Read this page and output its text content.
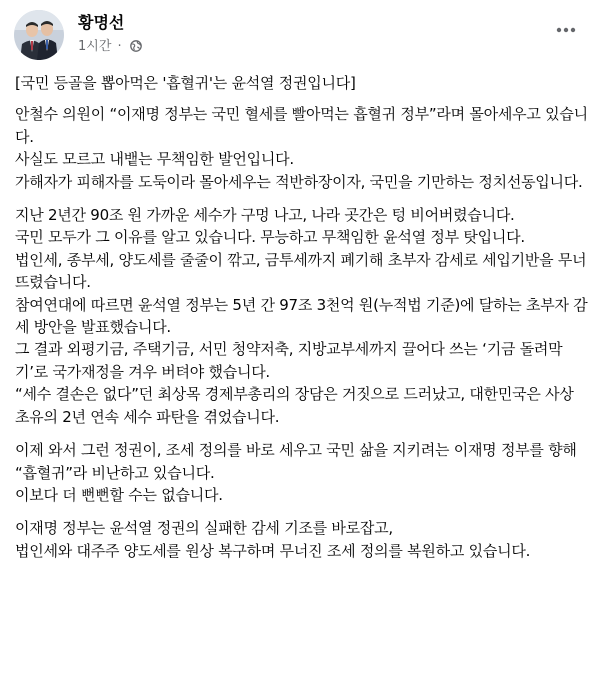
황명선
1시간 ·

[국민 등골을 뽑아먹은 '흡혈귀'는 윤석열 정권입니다]

안철수 의원이 “이재명 정부는 국민 혈세를 빨아먹는 흡혈귀 정부”라며 몰아세우고 있습니다.

사실도 모르고 내뱉는 무책임한 발언입니다.

가해자가 피해자를 도둑이라 몰아세우는 적반하장이자, 국민을 기만하는 정치선동입니다.

지난 2년간 90조 원 가까운 세수가 구멍 나고, 나라 곳간은 텅 비어버렸습니다.

국민 모두가 그 이유를 알고 있습니다. 무능하고 무책임한 윤석열 정부 탓입니다.

법인세, 종부세, 양도세를 줄줄이 깎고, 금투세까지 폐기해 초부자 감세로 세입기반을 무너뜨렸습니다.

참여연대에 따르면 윤석열 정부는 5년 간 97조 3천억 원(누적법 기준)에 달하는 초부자 감세 방안을 발표했습니다.

그 결과 외평기금, 주택기금, 서민 청약저축, 지방교부세까지 끌어다 쓰는 ‘기금 돌려막기’로 국가재정을 겨우 버텨야 했습니다.

“세수 결손은 없다”던 최상목 경제부총리의 장담은 거짓으로 드러났고, 대한민국은 사상 초유의 2년 연속 세수 파탄을 겪었습니다.

이제 와서 그런 정권이, 조세 정의를 바로 세우고 국민 삶을 지키려는 이재명 정부를 향해 “흡혈귀”라 비난하고 있습니다.

이보다 더 뻔뻔할 수는 없습니다.

이재명 정부는 윤석열 정권의 실패한 감세 기조를 바로잡고,

법인세와 대주주 양도세를 원상 복구하며 무너진 조세 정의를 복원하고 있습니다.
